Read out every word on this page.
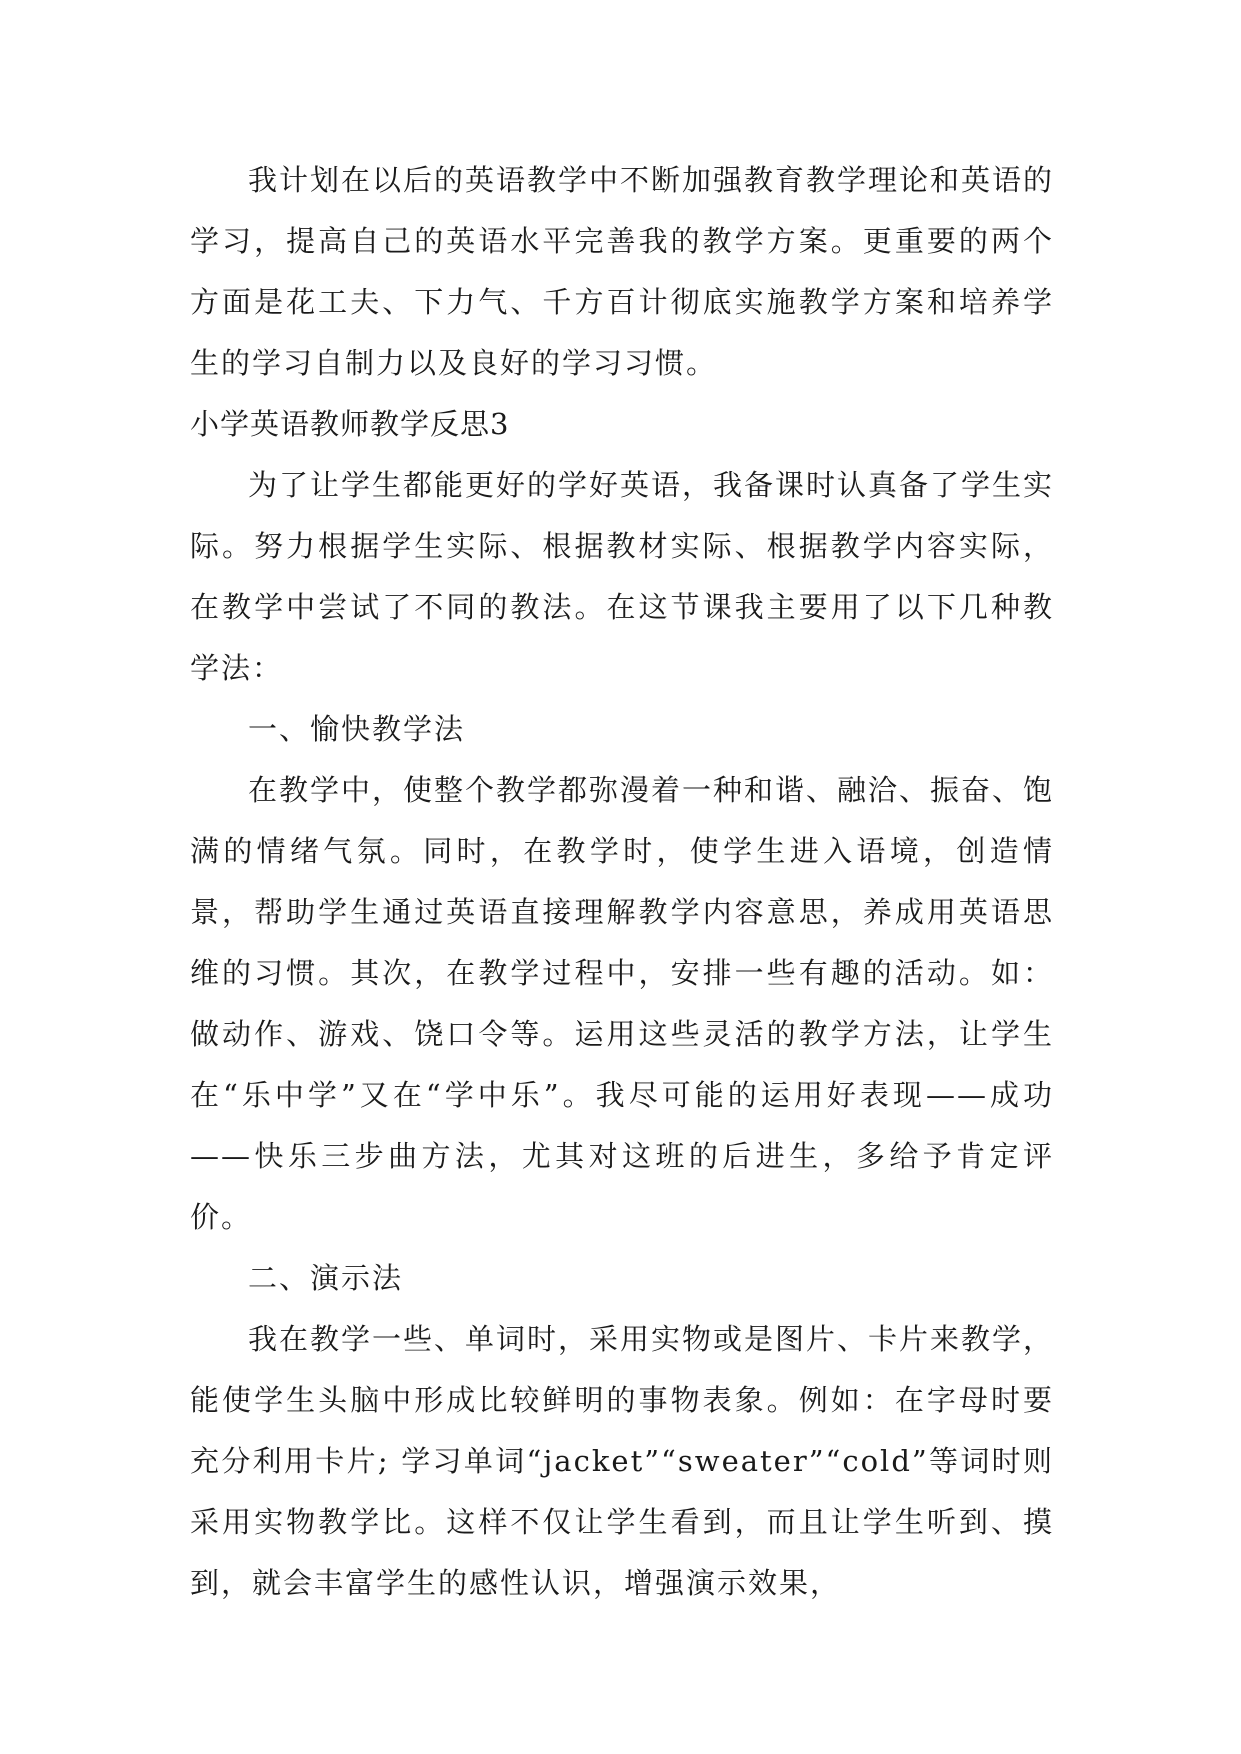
我计划在以后的英语教学中不断加强教育教学理论和英语的学习，提高自己的英语水平完善我的教学方案。更重要的两个方面是花工夫、下力气、千方百计彻底实施教学方案和培养学生的学习自制力以及良好的学习习惯。

小学英语教师教学反思3

为了让学生都能更好的学好英语，我备课时认真备了学生实际。努力根据学生实际、根据教材实际、根据教学内容实际，在教学中尝试了不同的教法。在这节课我主要用了以下几种教学法：

一、愉快教学法

在教学中，使整个教学都弥漫着一种和谐、融洽、振奋、饱满的情绪气氛。同时，在教学时，使学生进入语境，创造情景，帮助学生通过英语直接理解教学内容意思，养成用英语思维的习惯。其次，在教学过程中，安排一些有趣的活动。如：做动作、游戏、饶口令等。运用这些灵活的教学方法，让学生在“乐中学”又在“学中乐”。我尽可能的运用好表现——成功——快乐三步曲方法，尤其对这班的后进生，多给予肯定评价。

二、演示法

我在教学一些、单词时，采用实物或是图片、卡片来教学，能使学生头脑中形成比较鲜明的事物表象。例如：在字母时要充分利用卡片; 学习单词“jacket”“sweater”“cold”等词时则采用实物教学比。这样不仅让学生看到，而且让学生听到、摸到，就会丰富学生的感性认识，增强演示效果，
